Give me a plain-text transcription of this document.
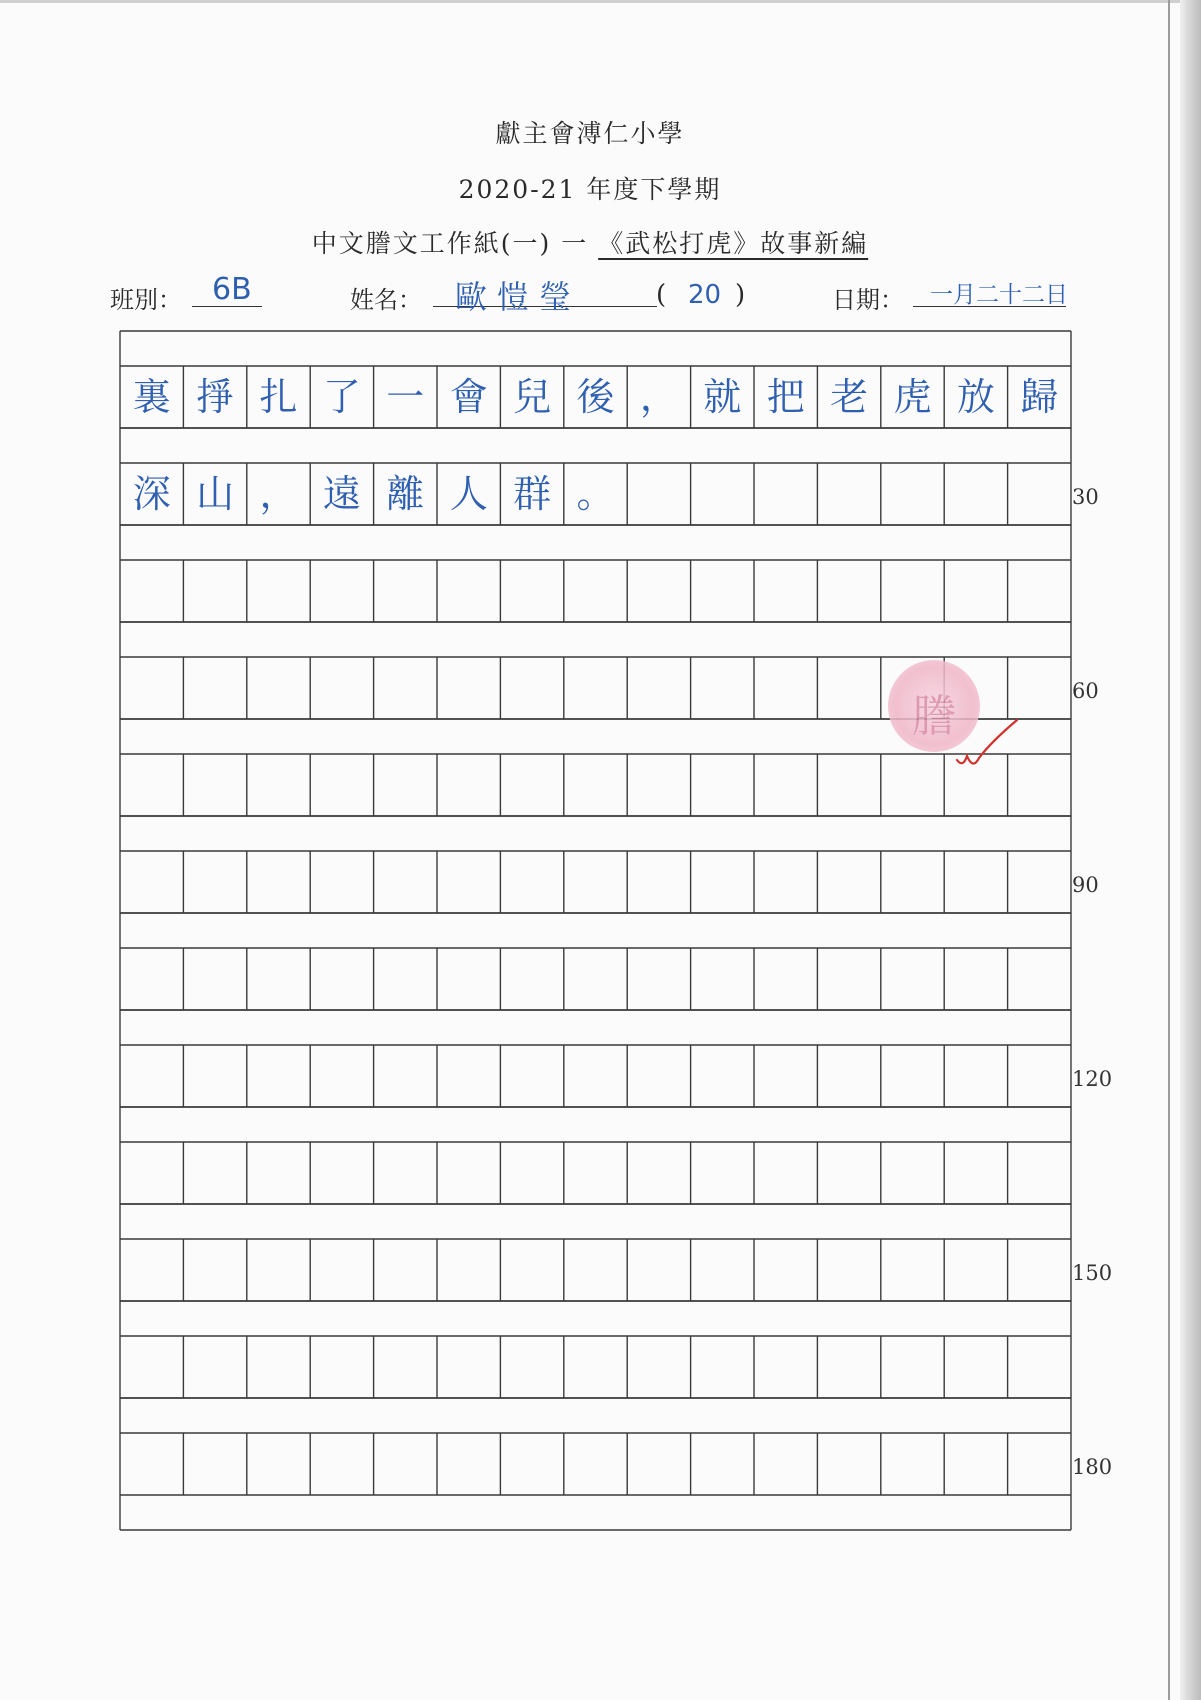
獻主會溥仁小學
2020-21 年度下學期
中文謄文工作紙(一) 一 《武松打虎》故事新編
班別： 6B	姓名： 歐愷瑩	( 20 )	日期： 一月二十二日
裏 掙 扎 了 一 會 兒 後 ， 就 把 老 虎 放 歸
深 山 ， 遠 離 人 群 。	30
60
90
120
150
180
謄
